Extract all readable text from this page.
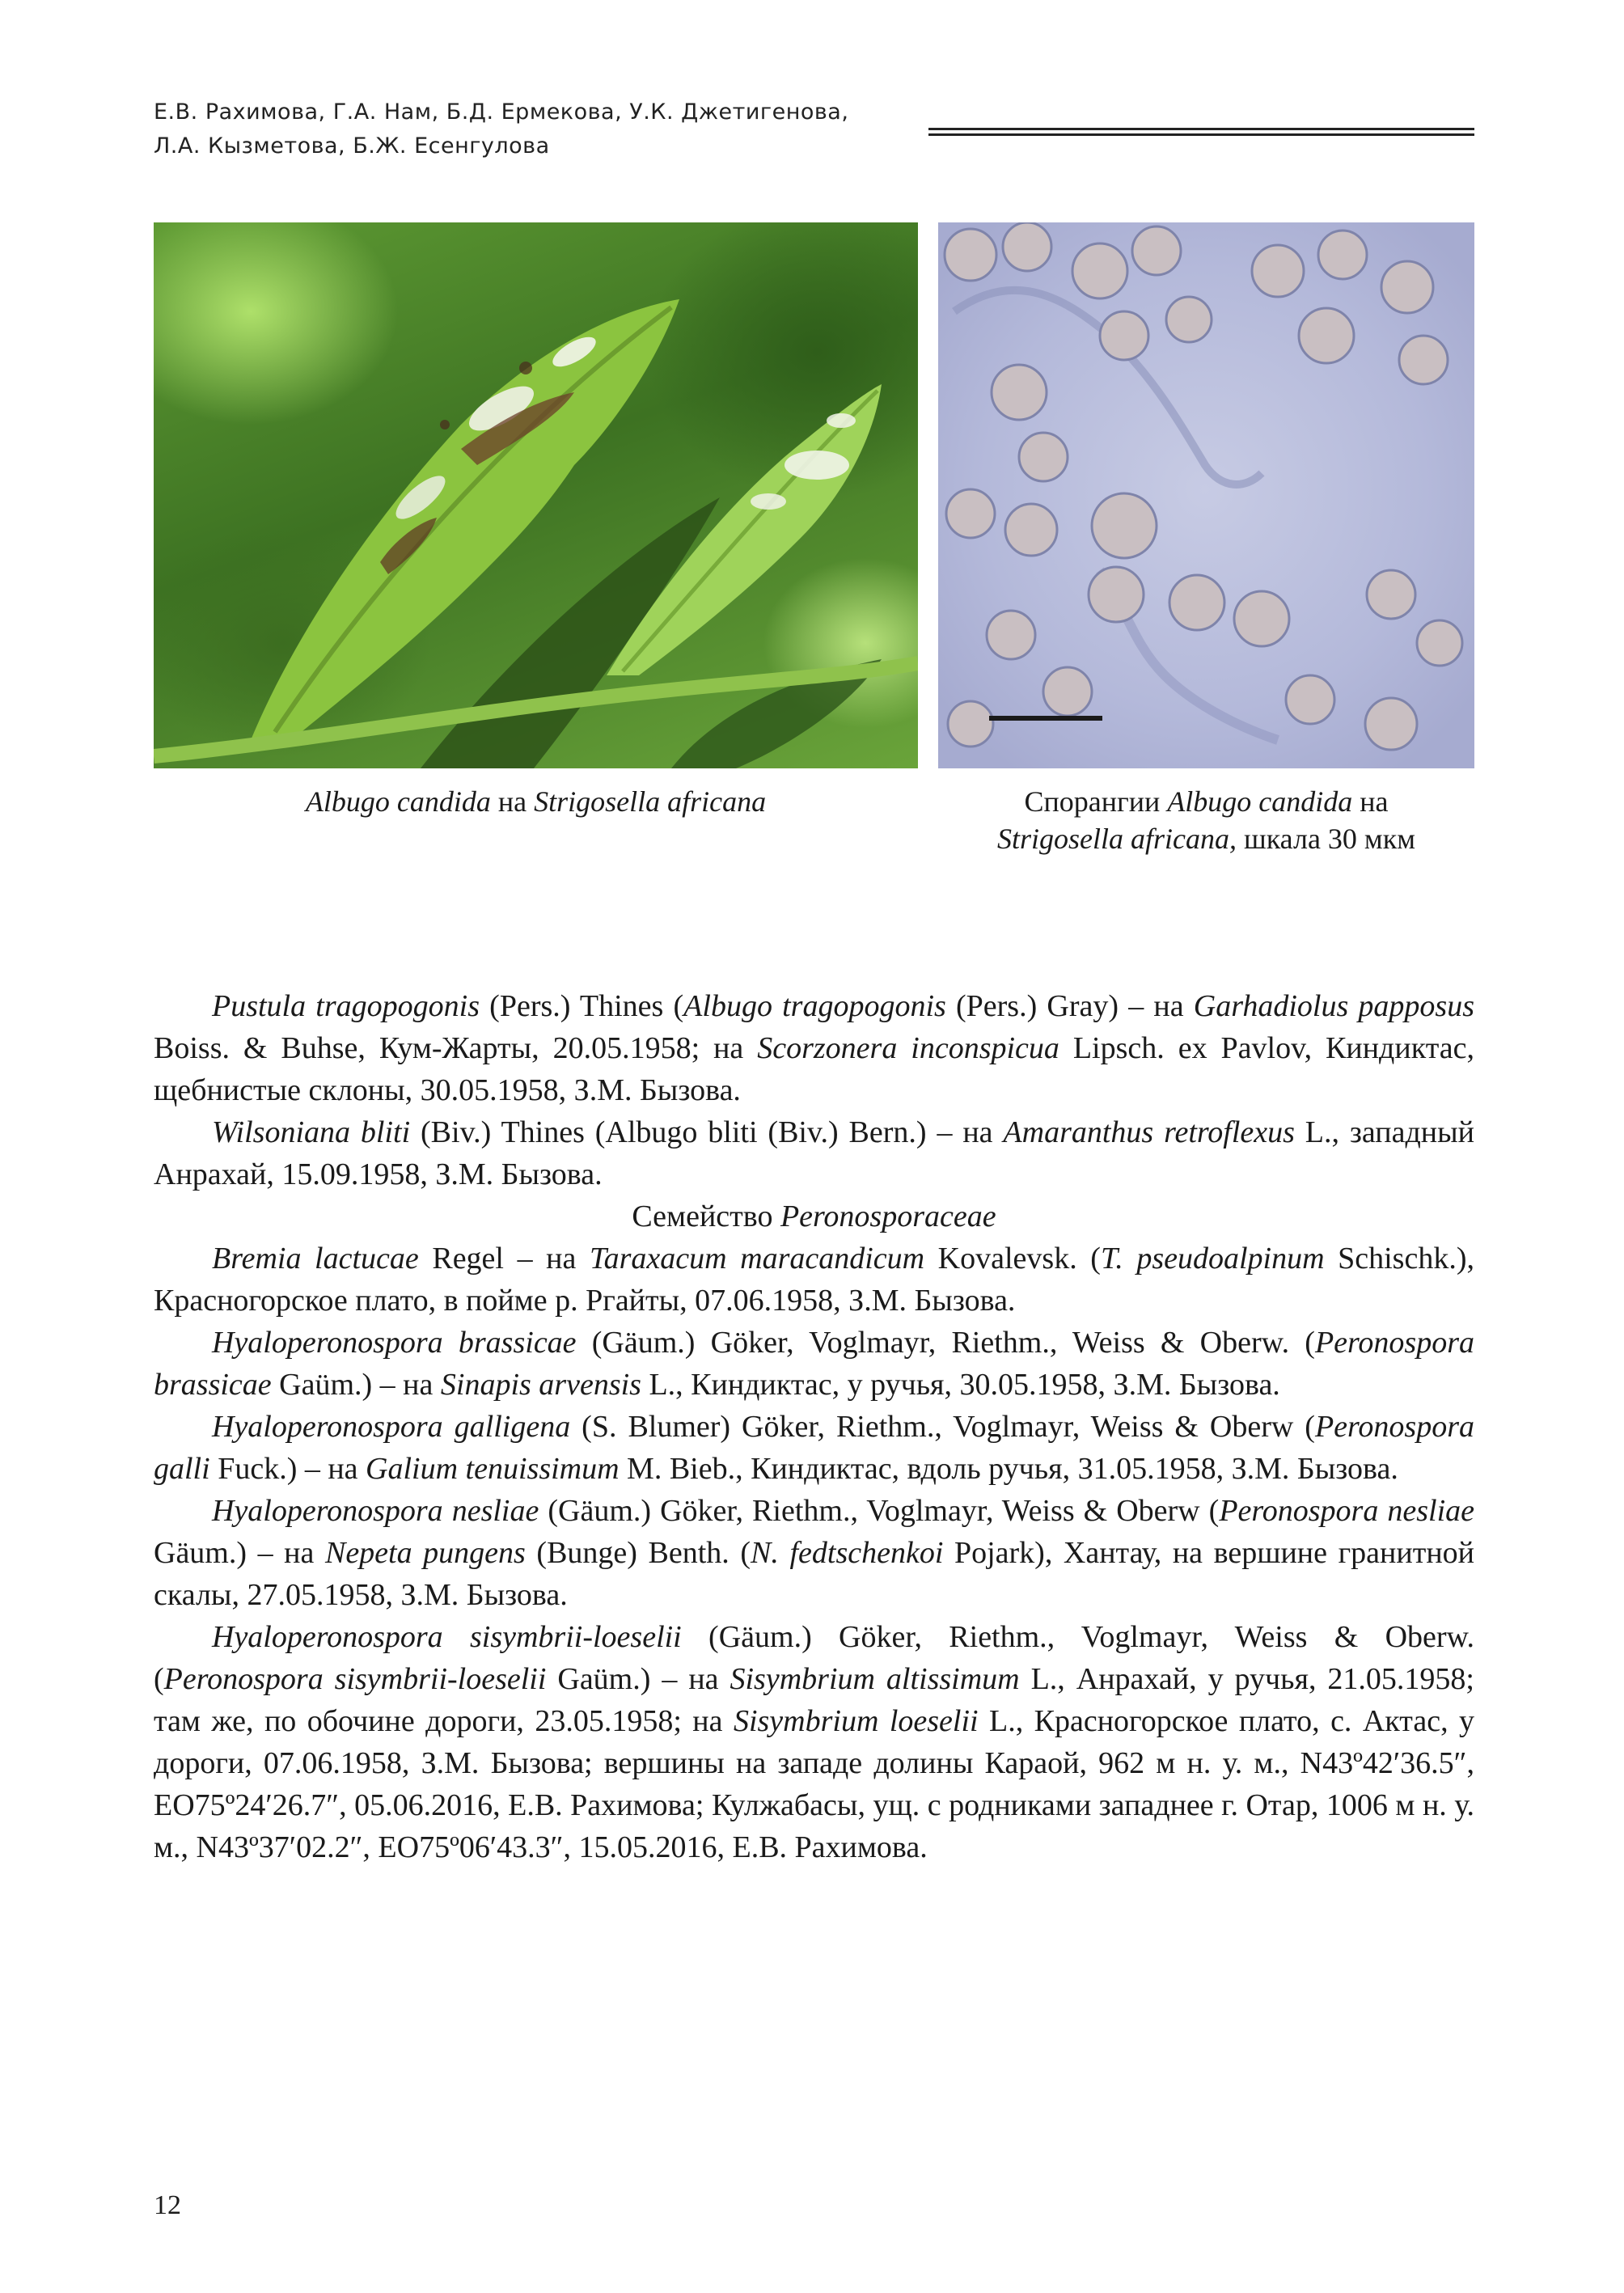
Е.В. Рахимова, Г.А. Нам, Б.Д. Ермекова, У.К. Джетигенова,
Л.А. Кызметова, Б.Ж. Есенгулова
Albugo candida на Strigosella africana	Спорангии Albugo candida на
Strigosella africana, шкала 30 мкм

Pustula tragopogonis (Pers.) Thines (Albugo tragopogonis (Pers.) Gray) – на Garhadiolus papposus Boiss. & Buhse, Кум-Жарты, 20.05.1958; на Scorzonera inconspicua Lipsch. ex Pavlov, Киндиктас, щебнистые склоны, 30.05.1958, З.М. Бызова.

Wilsoniana bliti (Biv.) Thines (Albugo bliti (Biv.) Bern.) – на Amaranthus retroflexus L., западный Анрахай, 15.09.1958, З.М. Бызова.

Семейство Peronosporaceae

Bremia lactucae Regel – на Taraxacum maracandicum Kovalevsk. (T. pseudoalpinum Schischk.), Красногорское плато, в пойме р. Ргайты, 07.06.1958, З.М. Бызова.

Hyaloperonospora brassicae (Gäum.) Göker, Voglmayr, Riethm., Weiss & Oberw. (Peronospora brassicae Gaüm.) – на Sinapis arvensis L., Киндиктас, у ручья, 30.05.1958, З.М. Бызова.

Hyaloperonospora galligena (S. Blumer) Göker, Riethm., Voglmayr, Weiss & Oberw (Peronospora galli Fuck.) – на Galium tenuissimum M. Bieb., Киндиктас, вдоль ручья, 31.05.1958, З.М. Бызова.

Hyaloperonospora nesliae (Gäum.) Göker, Riethm., Voglmayr, Weiss & Oberw (Peronospora nesliae Gäum.) – на Nepeta pungens (Bunge) Benth. (N. fedtschenkoi Pojark), Хантау, на вершине гранитной скалы, 27.05.1958, З.М. Бызова.

Hyaloperonospora sisymbrii-loeselii (Gäum.) Göker, Riethm., Voglmayr, Weiss & Oberw. (Peronospora sisymbrii-loeselii Gaüm.) – на Sisymbrium altissimum L., Анрахай, у ручья, 21.05.1958; там же, по обочине дороги, 23.05.1958; на Sisymbrium loeselii L., Красногорское плато, с. Актас, у дороги, 07.06.1958, З.М. Бызова; вершины на западе долины Караой, 962 м н. у. м., N43º42′36.5″, EO75º24′26.7″, 05.06.2016, Е.В. Рахимова; Кулжабасы, ущ. с родниками западнее г. Отар, 1006 м н. у. м., N43º37′02.2″, EO75º06′43.3″, 15.05.2016, Е.В. Рахимова.

12
